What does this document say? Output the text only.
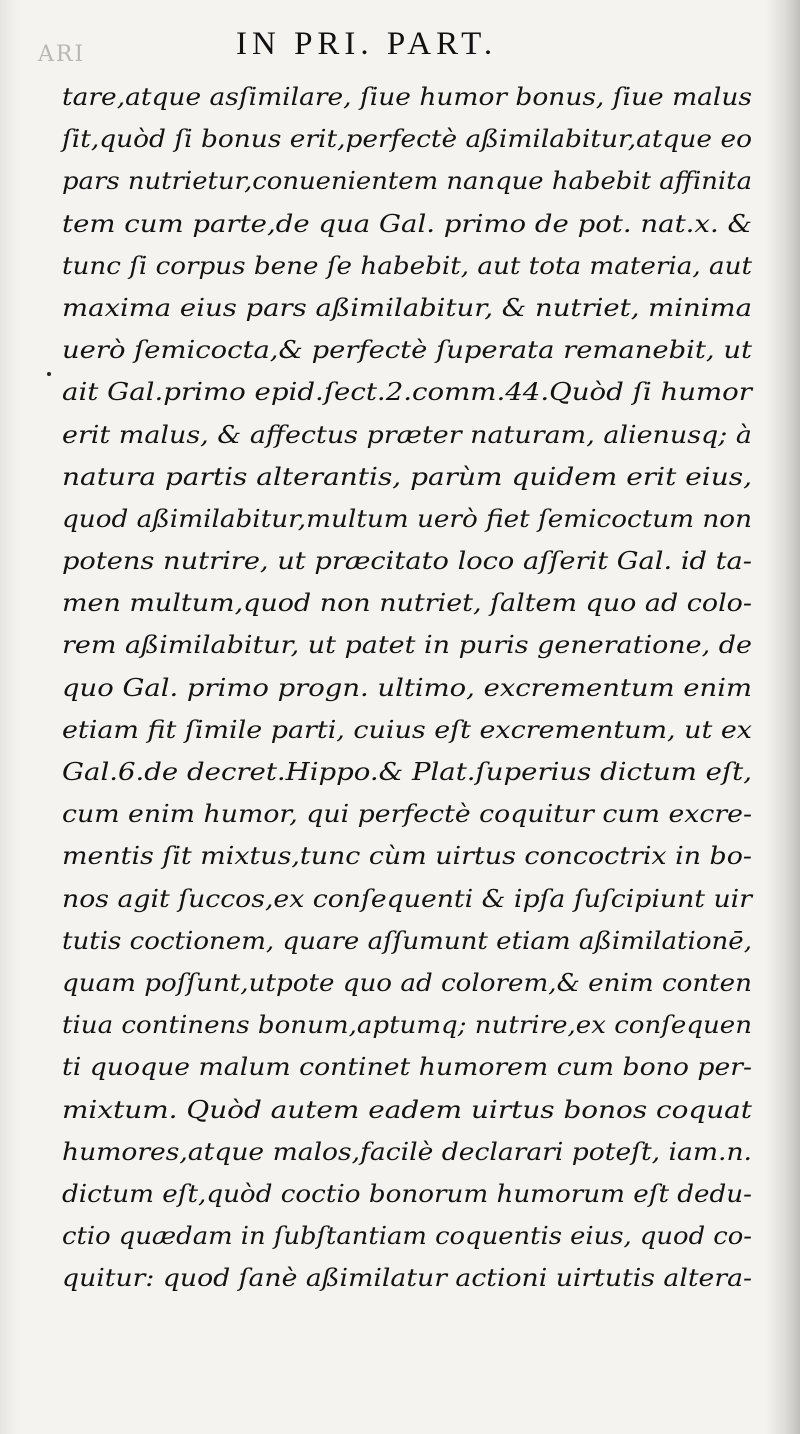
ARI	IN PRI. PART.
tare,atque asſimilare, ſiue humor bonus, ſiue malus
ſit,quòd ſi bonus erit,perfectè aßimilabitur,atque eo
pars nutrietur,conuenientem nanque habebit affinita
tem cum parte,de qua Gal. primo de pot. nat.x. &
tunc ſi corpus bene ſe habebit, aut tota materia, aut
maxima eius pars aßimilabitur, & nutriet, minima
uerò ſemicocta,& perfectè ſuperata remanebit, ut
ait Gal.primo epid.ſect.2.comm.44.Quòd ſi humor
erit malus, & affectus præter naturam, alienusq; à
natura partis alterantis, parùm quidem erit eius,
quod aßimilabitur,multum uerò fiet ſemicoctum non
potens nutrire, ut præcitato loco aſſerit Gal. id ta-
men multum,quod non nutriet, ſaltem quo ad colo-
rem aßimilabitur, ut patet in puris generatione, de
quo Gal. primo progn. ultimo, excrementum enim
etiam fit ſimile parti, cuius eſt excrementum, ut ex
Gal.6.de decret.Hippo.& Plat.ſuperius dictum eſt,
cum enim humor, qui perfectè coquitur cum excre-
mentis ſit mixtus,tunc cùm uirtus concoctrix in bo-
nos agit ſuccos,ex conſequenti & ipſa ſuſcipiunt uir
tutis coctionem, quare aſſumunt etiam aßimilationē,
quam poſſunt,utpote quo ad colorem,& enim conten
tiua continens bonum,aptumq; nutrire,ex conſequen
ti quoque malum continet humorem cum bono per-
mixtum. Quòd autem eadem uirtus bonos coquat
humores,atque malos,facilè declarari poteſt, iam.n.
dictum eſt,quòd coctio bonorum humorum eſt dedu-
ctio quædam in ſubſtantiam coquentis eius, quod co-
quitur: quod ſanè aßimilatur actioni uirtutis altera-
